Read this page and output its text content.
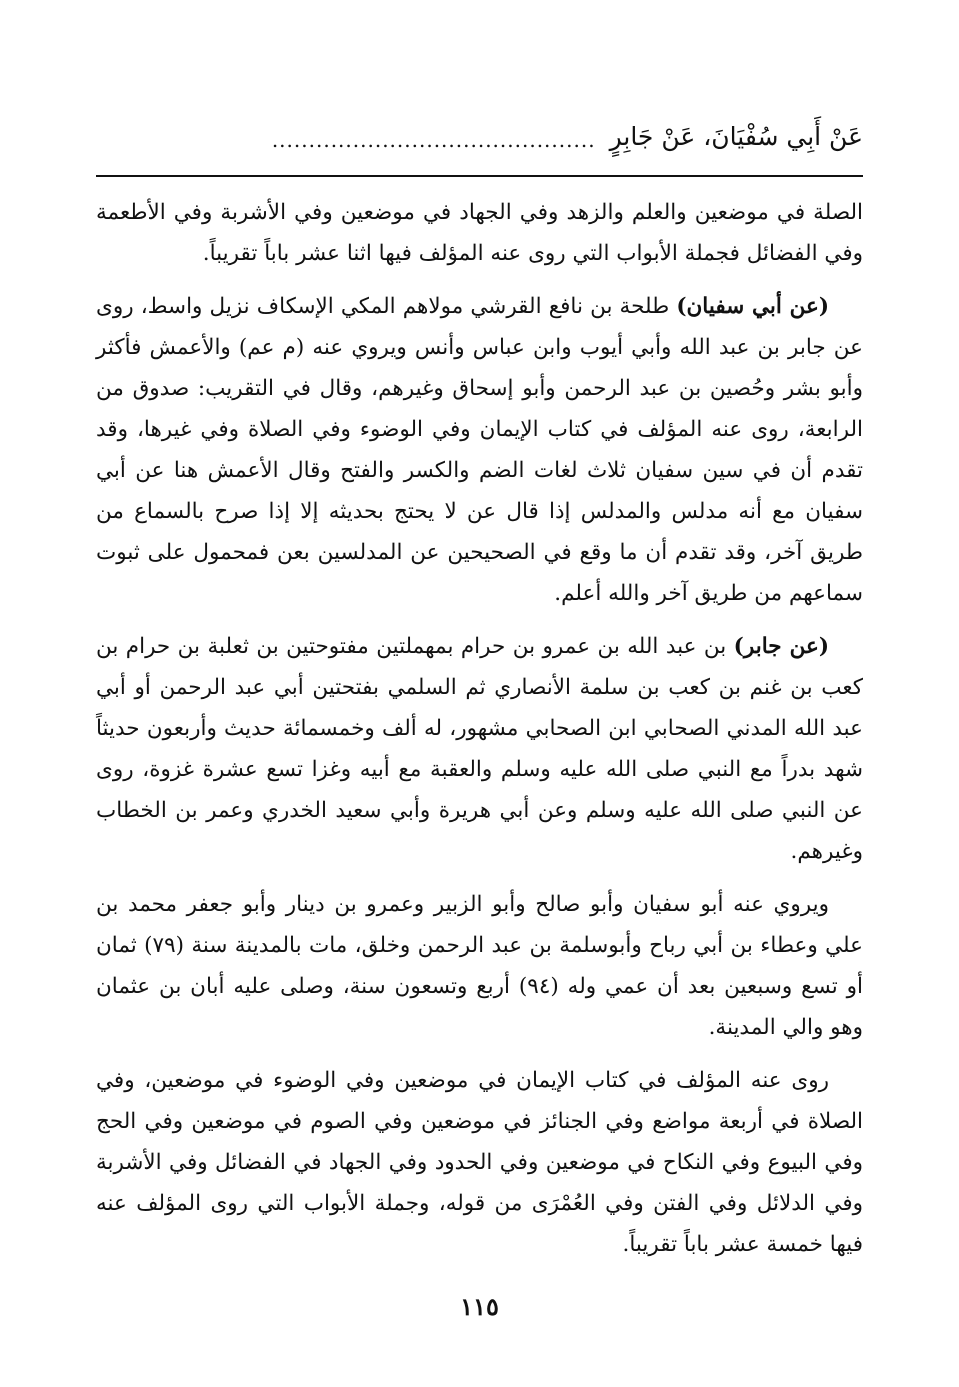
عَنْ أَبِي سُفْيَانَ، عَنْ جَابِرٍ
............................................

الصلة في موضعين والعلم والزهد وفي الجهاد في موضعين وفي الأشربة وفي الأطعمة وفي الفضائل فجملة الأبواب التي روى عنه المؤلف فيها اثنا عشر باباً تقريباً.

(عن أبي سفيان) طلحة بن نافع القرشي مولاهم المكي الإسكاف نزيل واسط، روى عن جابر بن عبد الله وأبي أيوب وابن عباس وأنس ويروي عنه (م عم) والأعمش فأكثر وأبو بشر وحُصين بن عبد الرحمن وأبو إسحاق وغيرهم، وقال في التقريب: صدوق من الرابعة، روى عنه المؤلف في كتاب الإيمان وفي الوضوء وفي الصلاة وفي غيرها، وقد تقدم أن في سين سفيان ثلاث لغات الضم والكسر والفتح وقال الأعمش هنا عن أبي سفيان مع أنه مدلس والمدلس إذا قال عن لا يحتج بحديثه إلا إذا صرح بالسماع من طريق آخر، وقد تقدم أن ما وقع في الصحيحين عن المدلسين بعن فمحمول على ثبوت سماعهم من طريق آخر والله أعلم.

(عن جابر) بن عبد الله بن عمرو بن حرام بمهملتين مفتوحتين بن ثعلبة بن حرام بن كعب بن غنم بن كعب بن سلمة الأنصاري ثم السلمي بفتحتين أبي عبد الرحمن أو أبي عبد الله المدني الصحابي ابن الصحابي مشهور، له ألف وخمسمائة حديث وأربعون حديثاً شهد بدراً مع النبي صلى الله عليه وسلم والعقبة مع أبيه وغزا تسع عشرة غزوة، روى عن النبي صلى الله عليه وسلم وعن أبي هريرة وأبي سعيد الخدري وعمر بن الخطاب وغيرهم.

ويروي عنه أبو سفيان وأبو صالح وأبو الزبير وعمرو بن دينار وأبو جعفر محمد بن علي وعطاء بن أبي رباح وأبوسلمة بن عبد الرحمن وخلق، مات بالمدينة سنة (٧٩) ثمان أو تسع وسبعين بعد أن عمي وله (٩٤) أربع وتسعون سنة، وصلى عليه أبان بن عثمان وهو والي المدينة.

روى عنه المؤلف في كتاب الإيمان في موضعين وفي الوضوء في موضعين، وفي الصلاة في أربعة مواضع وفي الجنائز في موضعين وفي الصوم في موضعين وفي الحج وفي البيوع وفي النكاح في موضعين وفي الحدود وفي الجهاد في الفضائل وفي الأشربة وفي الدلائل وفي الفتن وفي العُمْرَى من قوله، وجملة الأبواب التي روى المؤلف عنه فيها خمسة عشر باباً تقريباً.

١١٥
